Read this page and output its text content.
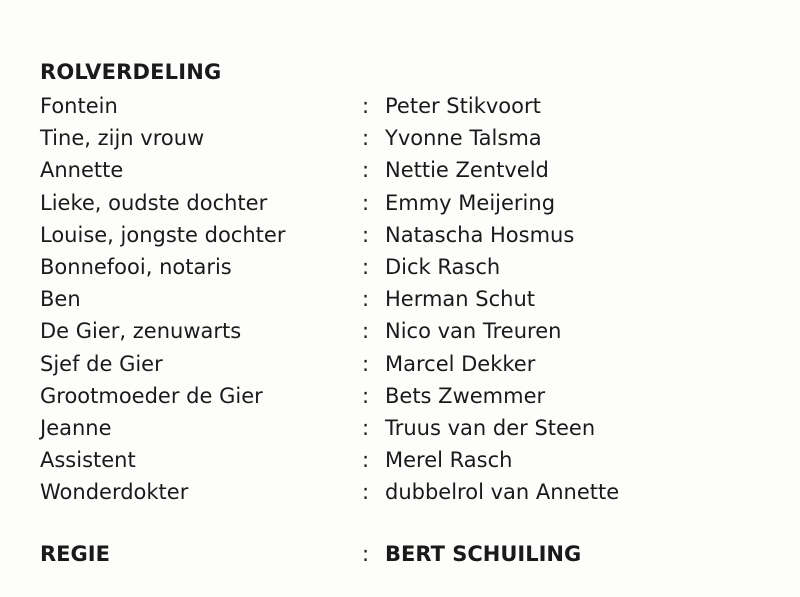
ROLVERDELING
Fontein	: Peter Stikvoort
Tine, zijn vrouw	: Yvonne Talsma
Annette	: Nettie Zentveld
Lieke, oudste dochter	: Emmy Meijering
Louise, jongste dochter	: Natascha Hosmus
Bonnefooi, notaris	: Dick Rasch
Ben	: Herman Schut
De Gier, zenuwarts	: Nico van Treuren
Sjef de Gier	: Marcel Dekker
Grootmoeder de Gier	: Bets Zwemmer
Jeanne	: Truus van der Steen
Assistent	: Merel Rasch
Wonderdokter	: dubbelrol van Annette
REGIE	: BERT SCHUILING
